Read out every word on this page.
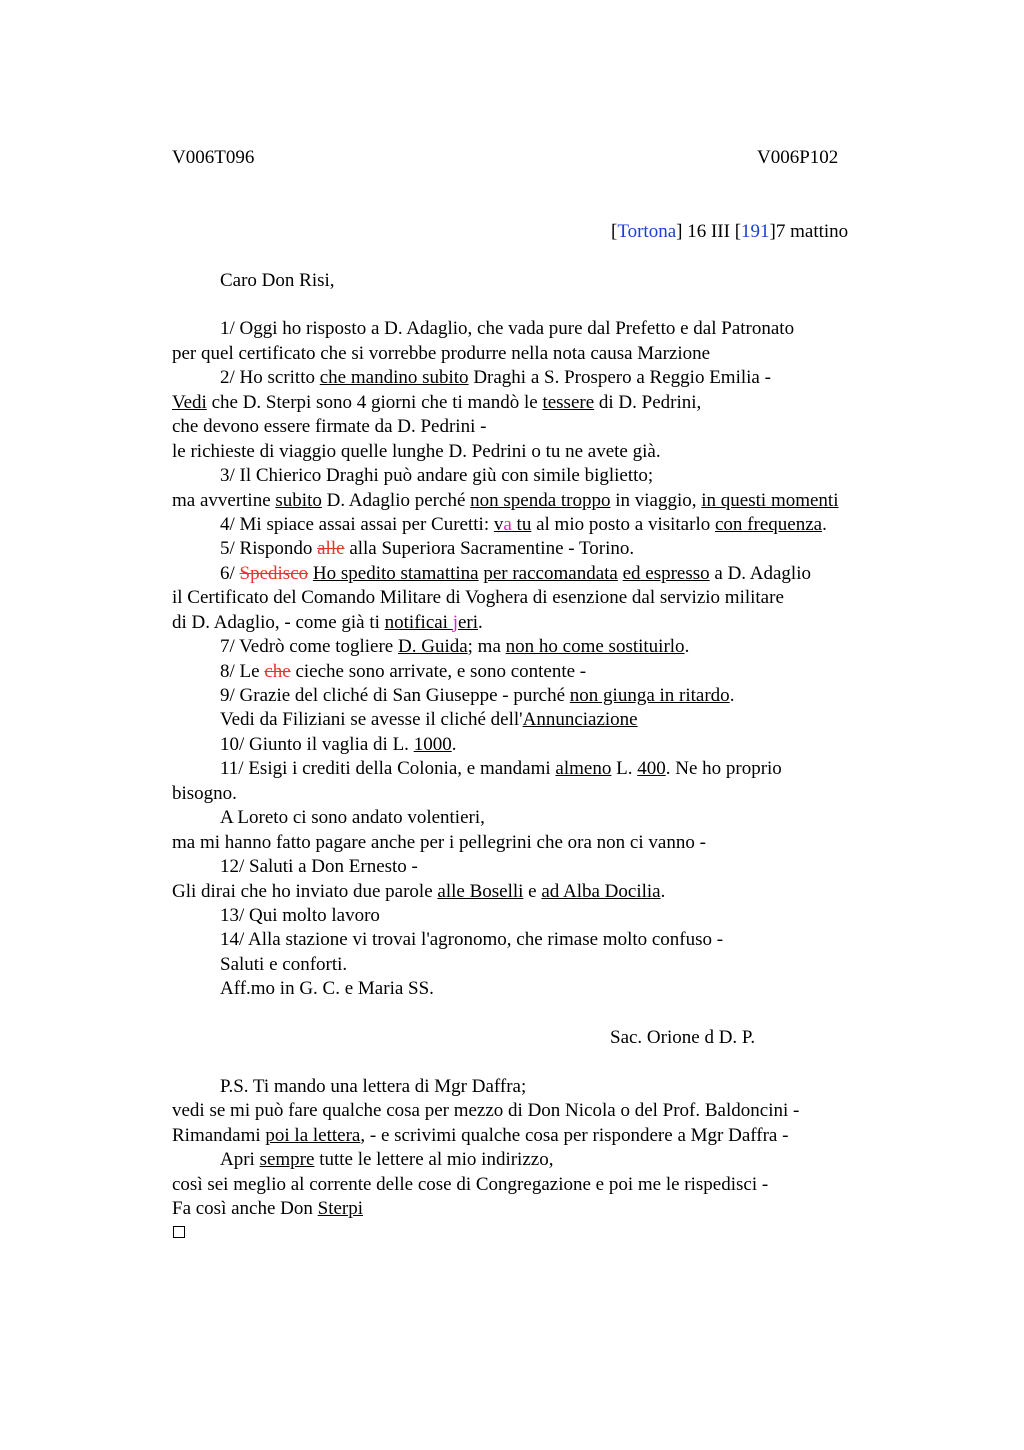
V006T096	V006P102
[Tortona] 16 III [191]7 mattino
Caro Don Risi,
1/ Oggi ho risposto a D. Adaglio, che vada pure dal Prefetto e dal Patronato
per quel certificato che si vorrebbe produrre nella nota causa Marzione
2/ Ho scritto che mandino subito Draghi a S. Prospero a Reggio Emilia -
Vedi che D. Sterpi sono 4 giorni che ti mandò le tessere di D. Pedrini,
che devono essere firmate da D. Pedrini -
le richieste di viaggio quelle lunghe D. Pedrini o tu ne avete già.
3/ Il Chierico Draghi può andare giù con simile biglietto;
ma avvertine subito D. Adaglio perché non spenda troppo in viaggio, in questi momenti
4/ Mi spiace assai assai per Curetti: va tu al mio posto a visitarlo con frequenza.
5/ Rispondo alle alla Superiora Sacramentine - Torino.
6/ Spedisco Ho spedito stamattina per raccomandata ed espresso a D. Adaglio
il Certificato del Comando Militare di Voghera di esenzione dal servizio militare
di D. Adaglio, - come già ti notificai jeri.
7/ Vedrò come togliere D. Guida; ma non ho come sostituirlo.
8/ Le che cieche sono arrivate, e sono contente -
9/ Grazie del cliché di San Giuseppe - purché non giunga in ritardo.
Vedi da Filiziani se avesse il cliché dell'Annunciazione
10/ Giunto il vaglia di L. 1000.
11/ Esigi i crediti della Colonia, e mandami almeno L. 400. Ne ho proprio
bisogno.
A Loreto ci sono andato volentieri,
ma mi hanno fatto pagare anche per i pellegrini che ora non ci vanno -
12/ Saluti a Don Ernesto -
Gli dirai che ho inviato due parole alle Boselli e ad Alba Docilia.
13/ Qui molto lavoro
14/ Alla stazione vi trovai l'agronomo, che rimase molto confuso -
Saluti e conforti.
Aff.mo in G. C. e Maria SS.
Sac. Orione d D. P.
P.S. Ti mando una lettera di Mgr Daffra;
vedi se mi può fare qualche cosa per mezzo di Don Nicola o del Prof. Baldoncini -
Rimandami poi la lettera, - e scrivimi qualche cosa per rispondere a Mgr Daffra -
Apri sempre tutte le lettere al mio indirizzo,
così sei meglio al corrente delle cose di Congregazione e poi me le rispedisci -
Fa così anche Don Sterpi
